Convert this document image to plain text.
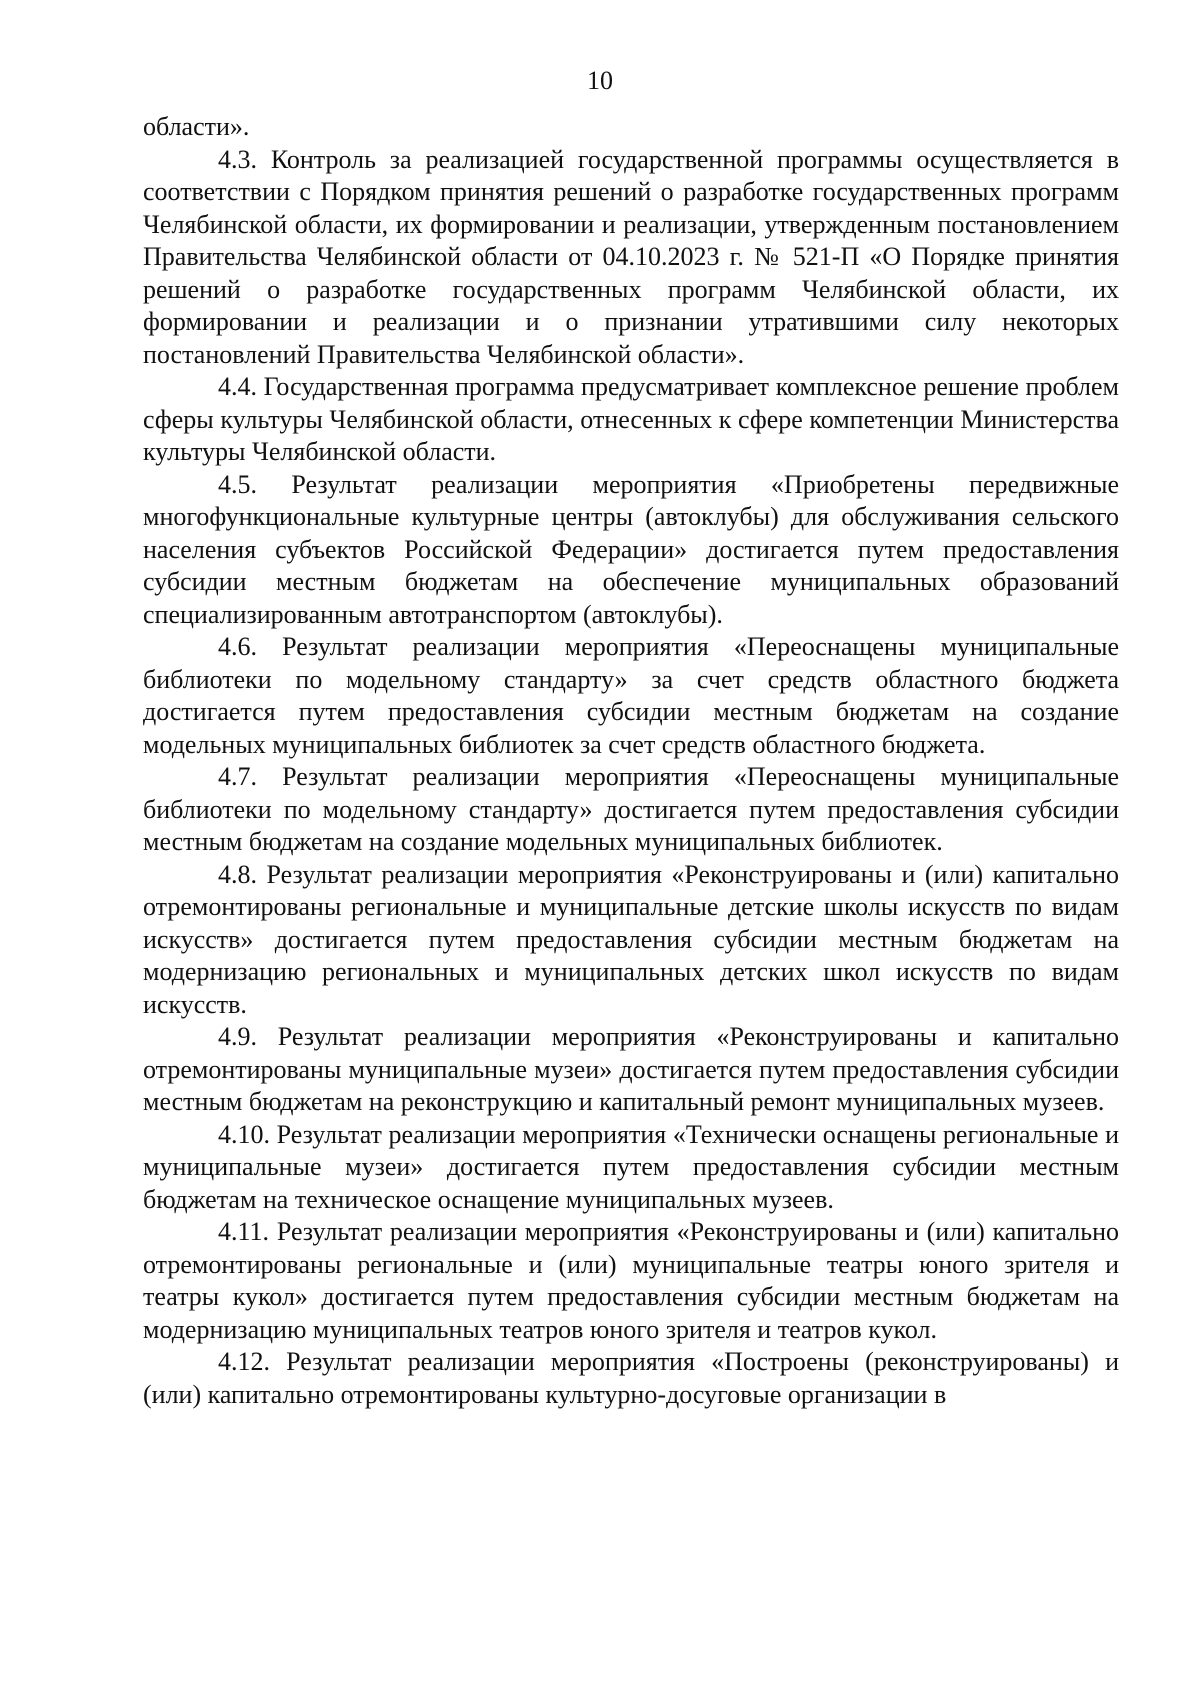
10

области».

4.3. Контроль за реализацией государственной программы осуществляется в соответствии с Порядком принятия решений о разработке государственных программ Челябинской области, их формировании и реализации, утвержденным постановлением Правительства Челябинской области от 04.10.2023 г. № 521-П «О Порядке принятия решений о разработке государственных программ Челябинской области, их формировании и реализации и о признании утратившими силу некоторых постановлений Правительства Челябинской области».

4.4. Государственная программа предусматривает комплексное решение проблем сферы культуры Челябинской области, отнесенных к сфере компетенции Министерства культуры Челябинской области.

4.5. Результат реализации мероприятия «Приобретены передвижные многофункциональные культурные центры (автоклубы) для обслуживания сельского населения субъектов Российской Федерации» достигается путем предоставления субсидии местным бюджетам на обеспечение муниципальных образований специализированным автотранспортом (автоклубы).

4.6. Результат реализации мероприятия «Переоснащены муниципальные библиотеки по модельному стандарту» за счет средств областного бюджета достигается путем предоставления субсидии местным бюджетам на создание модельных муниципальных библиотек за счет средств областного бюджета.

4.7. Результат реализации мероприятия «Переоснащены муниципальные библиотеки по модельному стандарту» достигается путем предоставления субсидии местным бюджетам на создание модельных муниципальных библиотек.

4.8. Результат реализации мероприятия «Реконструированы и (или) капитально отремонтированы региональные и муниципальные детские школы искусств по видам искусств» достигается путем предоставления субсидии местным бюджетам на модернизацию региональных и муниципальных детских школ искусств по видам искусств.

4.9. Результат реализации мероприятия «Реконструированы и капитально отремонтированы муниципальные музеи» достигается путем предоставления субсидии местным бюджетам на реконструкцию и капитальный ремонт муниципальных музеев.

4.10. Результат реализации мероприятия «Технически оснащены региональные и муниципальные музеи» достигается путем предоставления субсидии местным бюджетам на техническое оснащение муниципальных музеев.

4.11. Результат реализации мероприятия «Реконструированы и (или) капитально отремонтированы региональные и (или) муниципальные театры юного зрителя и театры кукол» достигается путем предоставления субсидии местным бюджетам на модернизацию муниципальных театров юного зрителя и театров кукол.

4.12. Результат реализации мероприятия «Построены (реконструированы) и (или) капитально отремонтированы культурно-досуговые организации в
